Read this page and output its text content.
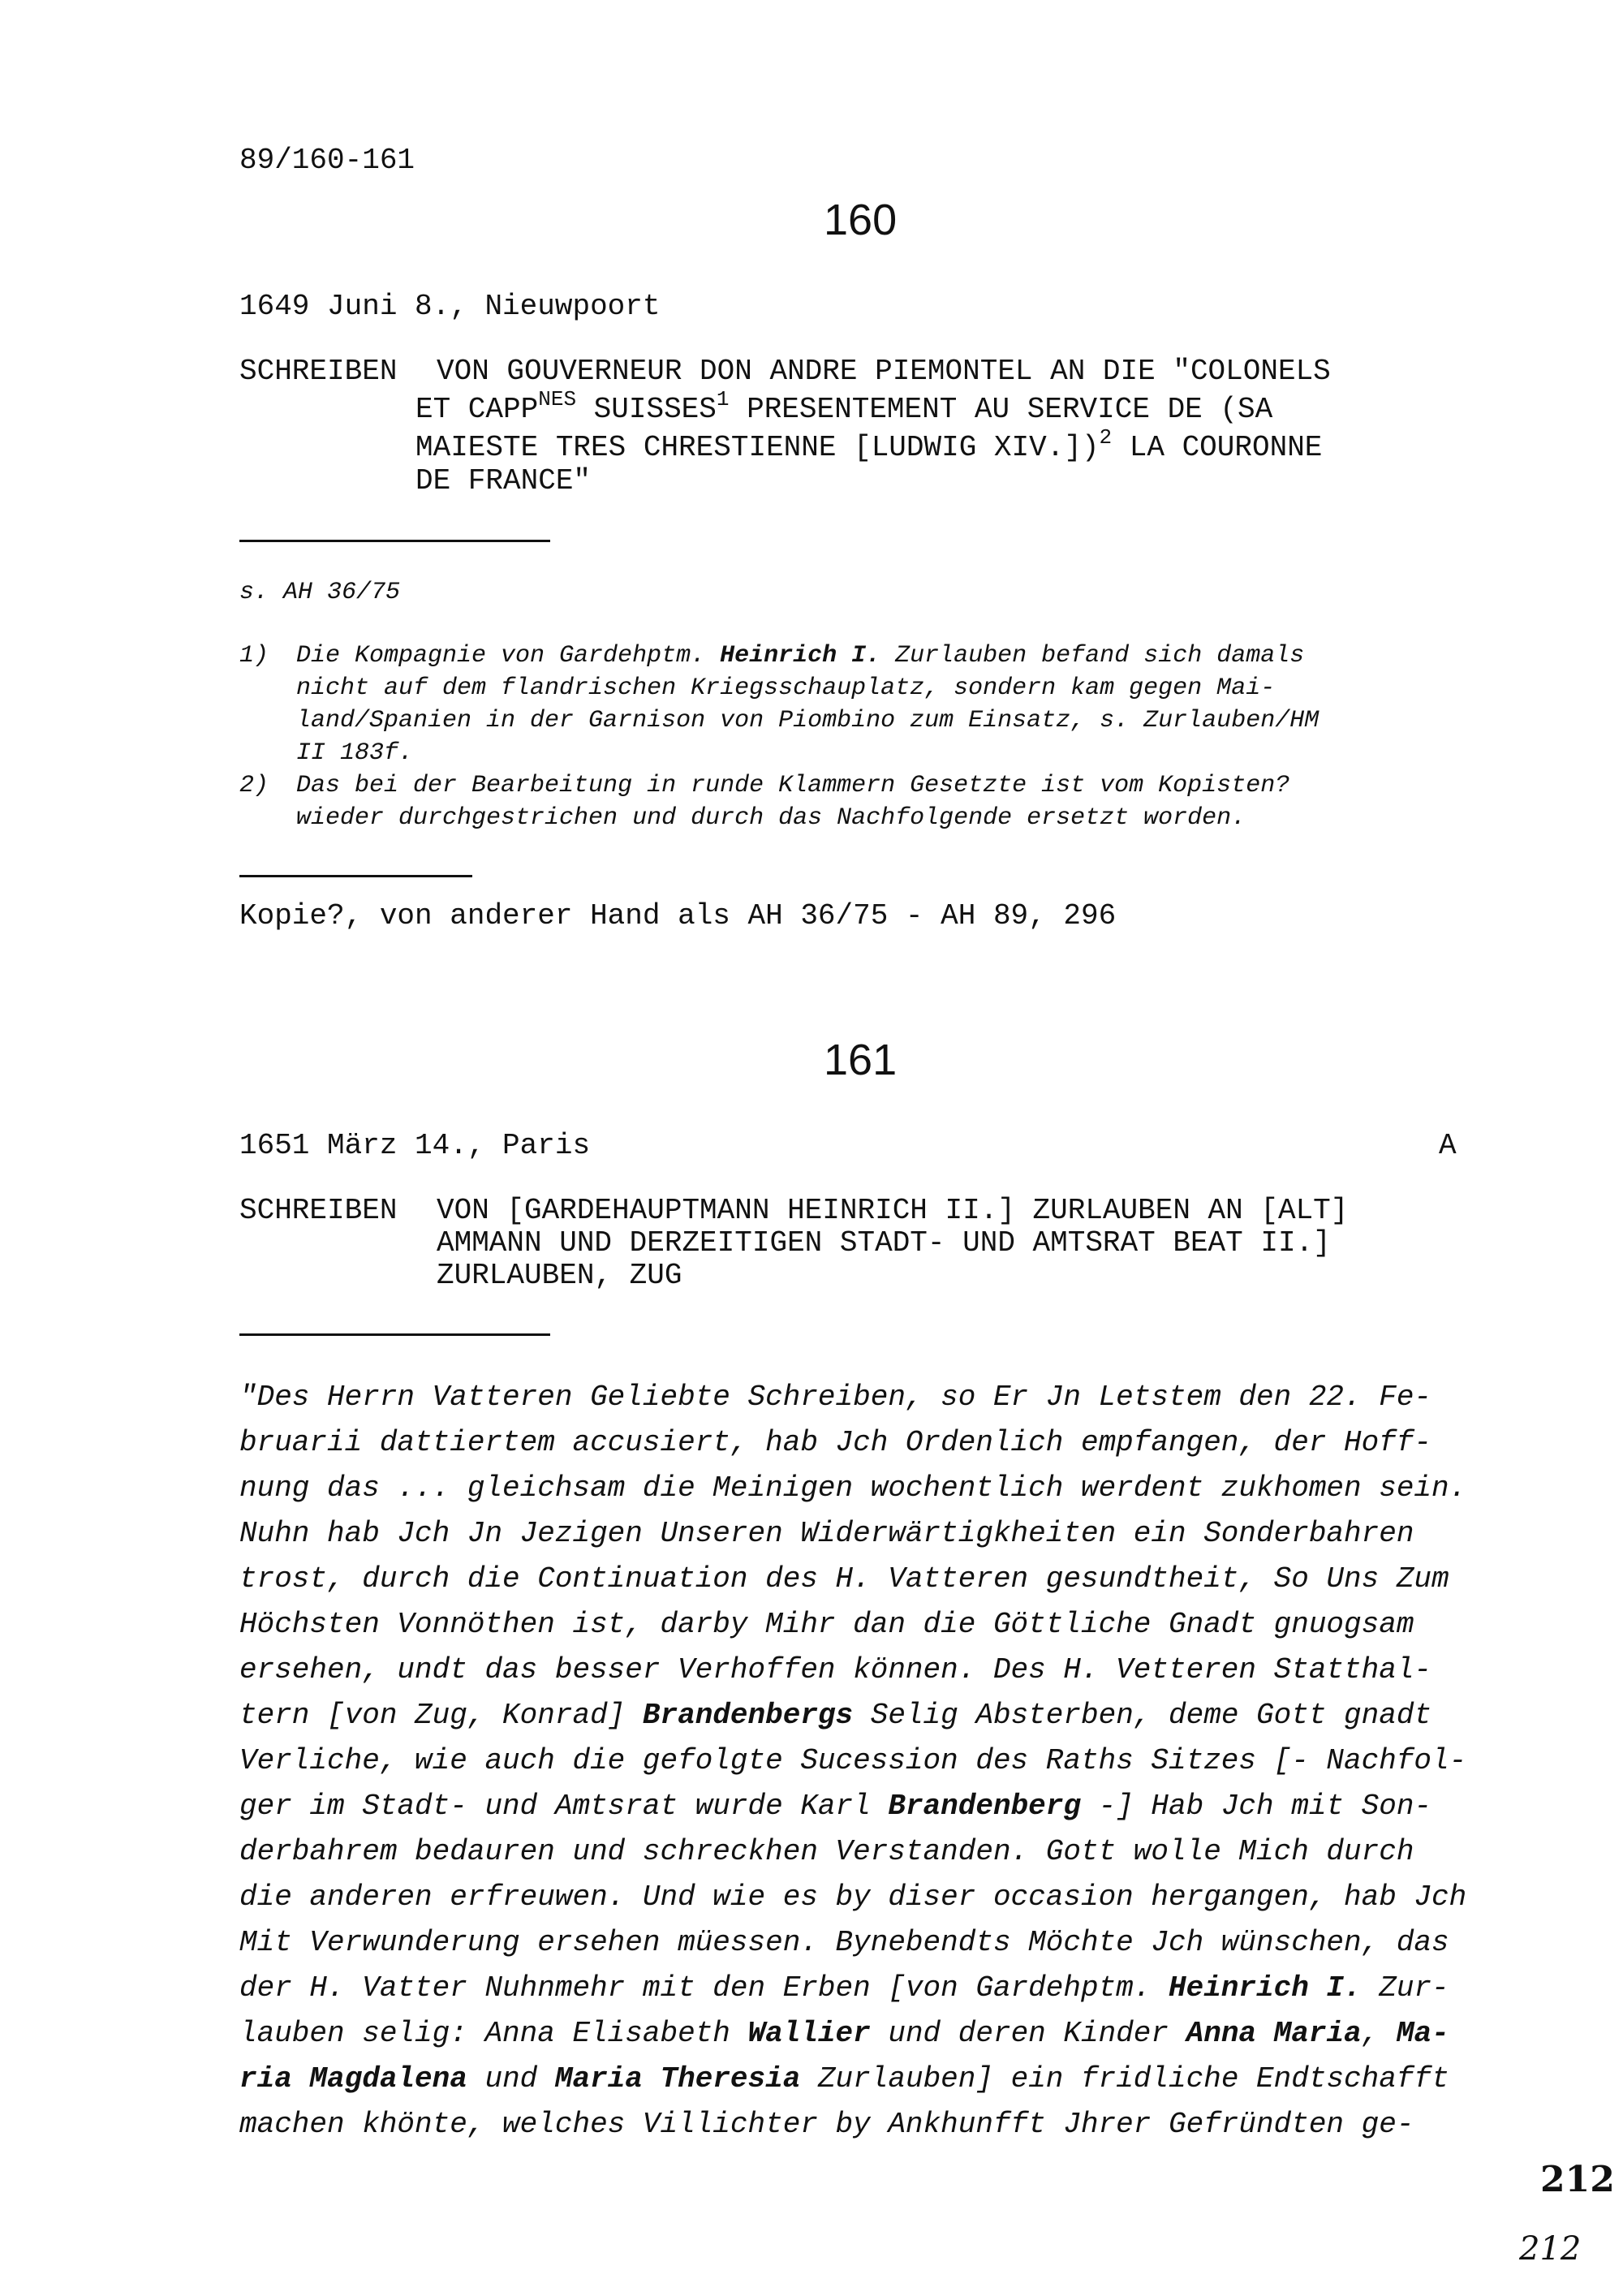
89/160-161
160
1649 Juni 8., Nieuwpoort
SCHREIBEN VON GOUVERNEUR DON ANDRE PIEMONTEL AN DIE "COLONELS
ET $CAPP^{NES}$ SUISSES$^1$ PRESENTEMENT AU SERVICE DE (SA
MAIESTE TRES CHRESTIENNE [LUDWIG XIV.])$^2$ LA COURONNE
DE FRANCE"
s. AH 36/75
1) Die Kompagnie von Gardehptm. Heinrich I. Zurlauben befand sich damals
nicht auf dem flandrischen Kriegsschauplatz, sondern kam gegen Mai-
land/Spanien in der Garnison von Piombino zum Einsatz, s. Zurlauben/HM
II 183f.
2) Das bei der Bearbeitung in runde Klammern Gesetzte ist vom Kopisten?
wieder durchgestrichen und durch das Nachfolgende ersetzt worden.
Kopie?, von anderer Hand als AH 36/75 - AH 89, 296
161
1651 März 14., Paris	A
SCHREIBEN VON [GARDEHAUPTMANN HEINRICH II.] ZURLAUBEN AN [ALT]
AMMANN UND DERZEITIGEN STADT- UND AMTSRAT BEAT II.]
ZURLAUBEN, ZUG
"Des Herrn Vatteren Geliebte Schreiben, so Er Jn Letstem den 22. Fe-
bruarii dattiertem accusiert, hab Jch Ordenlich empfangen, der Hoff-
nung das ... gleichsam die Meinigen wochentlich werdent zukhomen sein.
Nuhn hab Jch Jn Jezigen Unseren Widerwärtigkheiten ein Sonderbahren
trost, durch die Continuation des H. Vatteren gesundtheit, So Uns Zum
Höchsten Vonnöthen ist, darby Mihr dan die Göttliche Gnadt gnuogsam
ersehen, undt das besser Verhoffen können. Des H. Vetteren Statthal-
tern [von Zug, Konrad] Brandenbergs Selig Absterben, deme Gott gnadt
Verliche, wie auch die gefolgte Sucession des Raths Sitzes [- Nachfol-
ger im Stadt- und Amtsrat wurde Karl Brandenberg -] Hab Jch mit Son-
derbahrem bedauren und schreckhen Verstanden. Gott wolle Mich durch
die anderen erfreuwen. Und wie es by diser occasion hergangen, hab Jch
Mit Verwunderung ersehen müessen. Bynebendts Möchte Jch wünschen, das
der H. Vatter Nuhnmehr mit den Erben [von Gardehptm. Heinrich I. Zur-
lauben selig: Anna Elisabeth Wallier und deren Kinder Anna Maria, Ma-
ria Magdalena und Maria Theresia Zurlauben] ein fridliche Endtschafft
machen khönte, welches Villichter by Ankhunfft Jhrer Gefründten ge-
212
212
